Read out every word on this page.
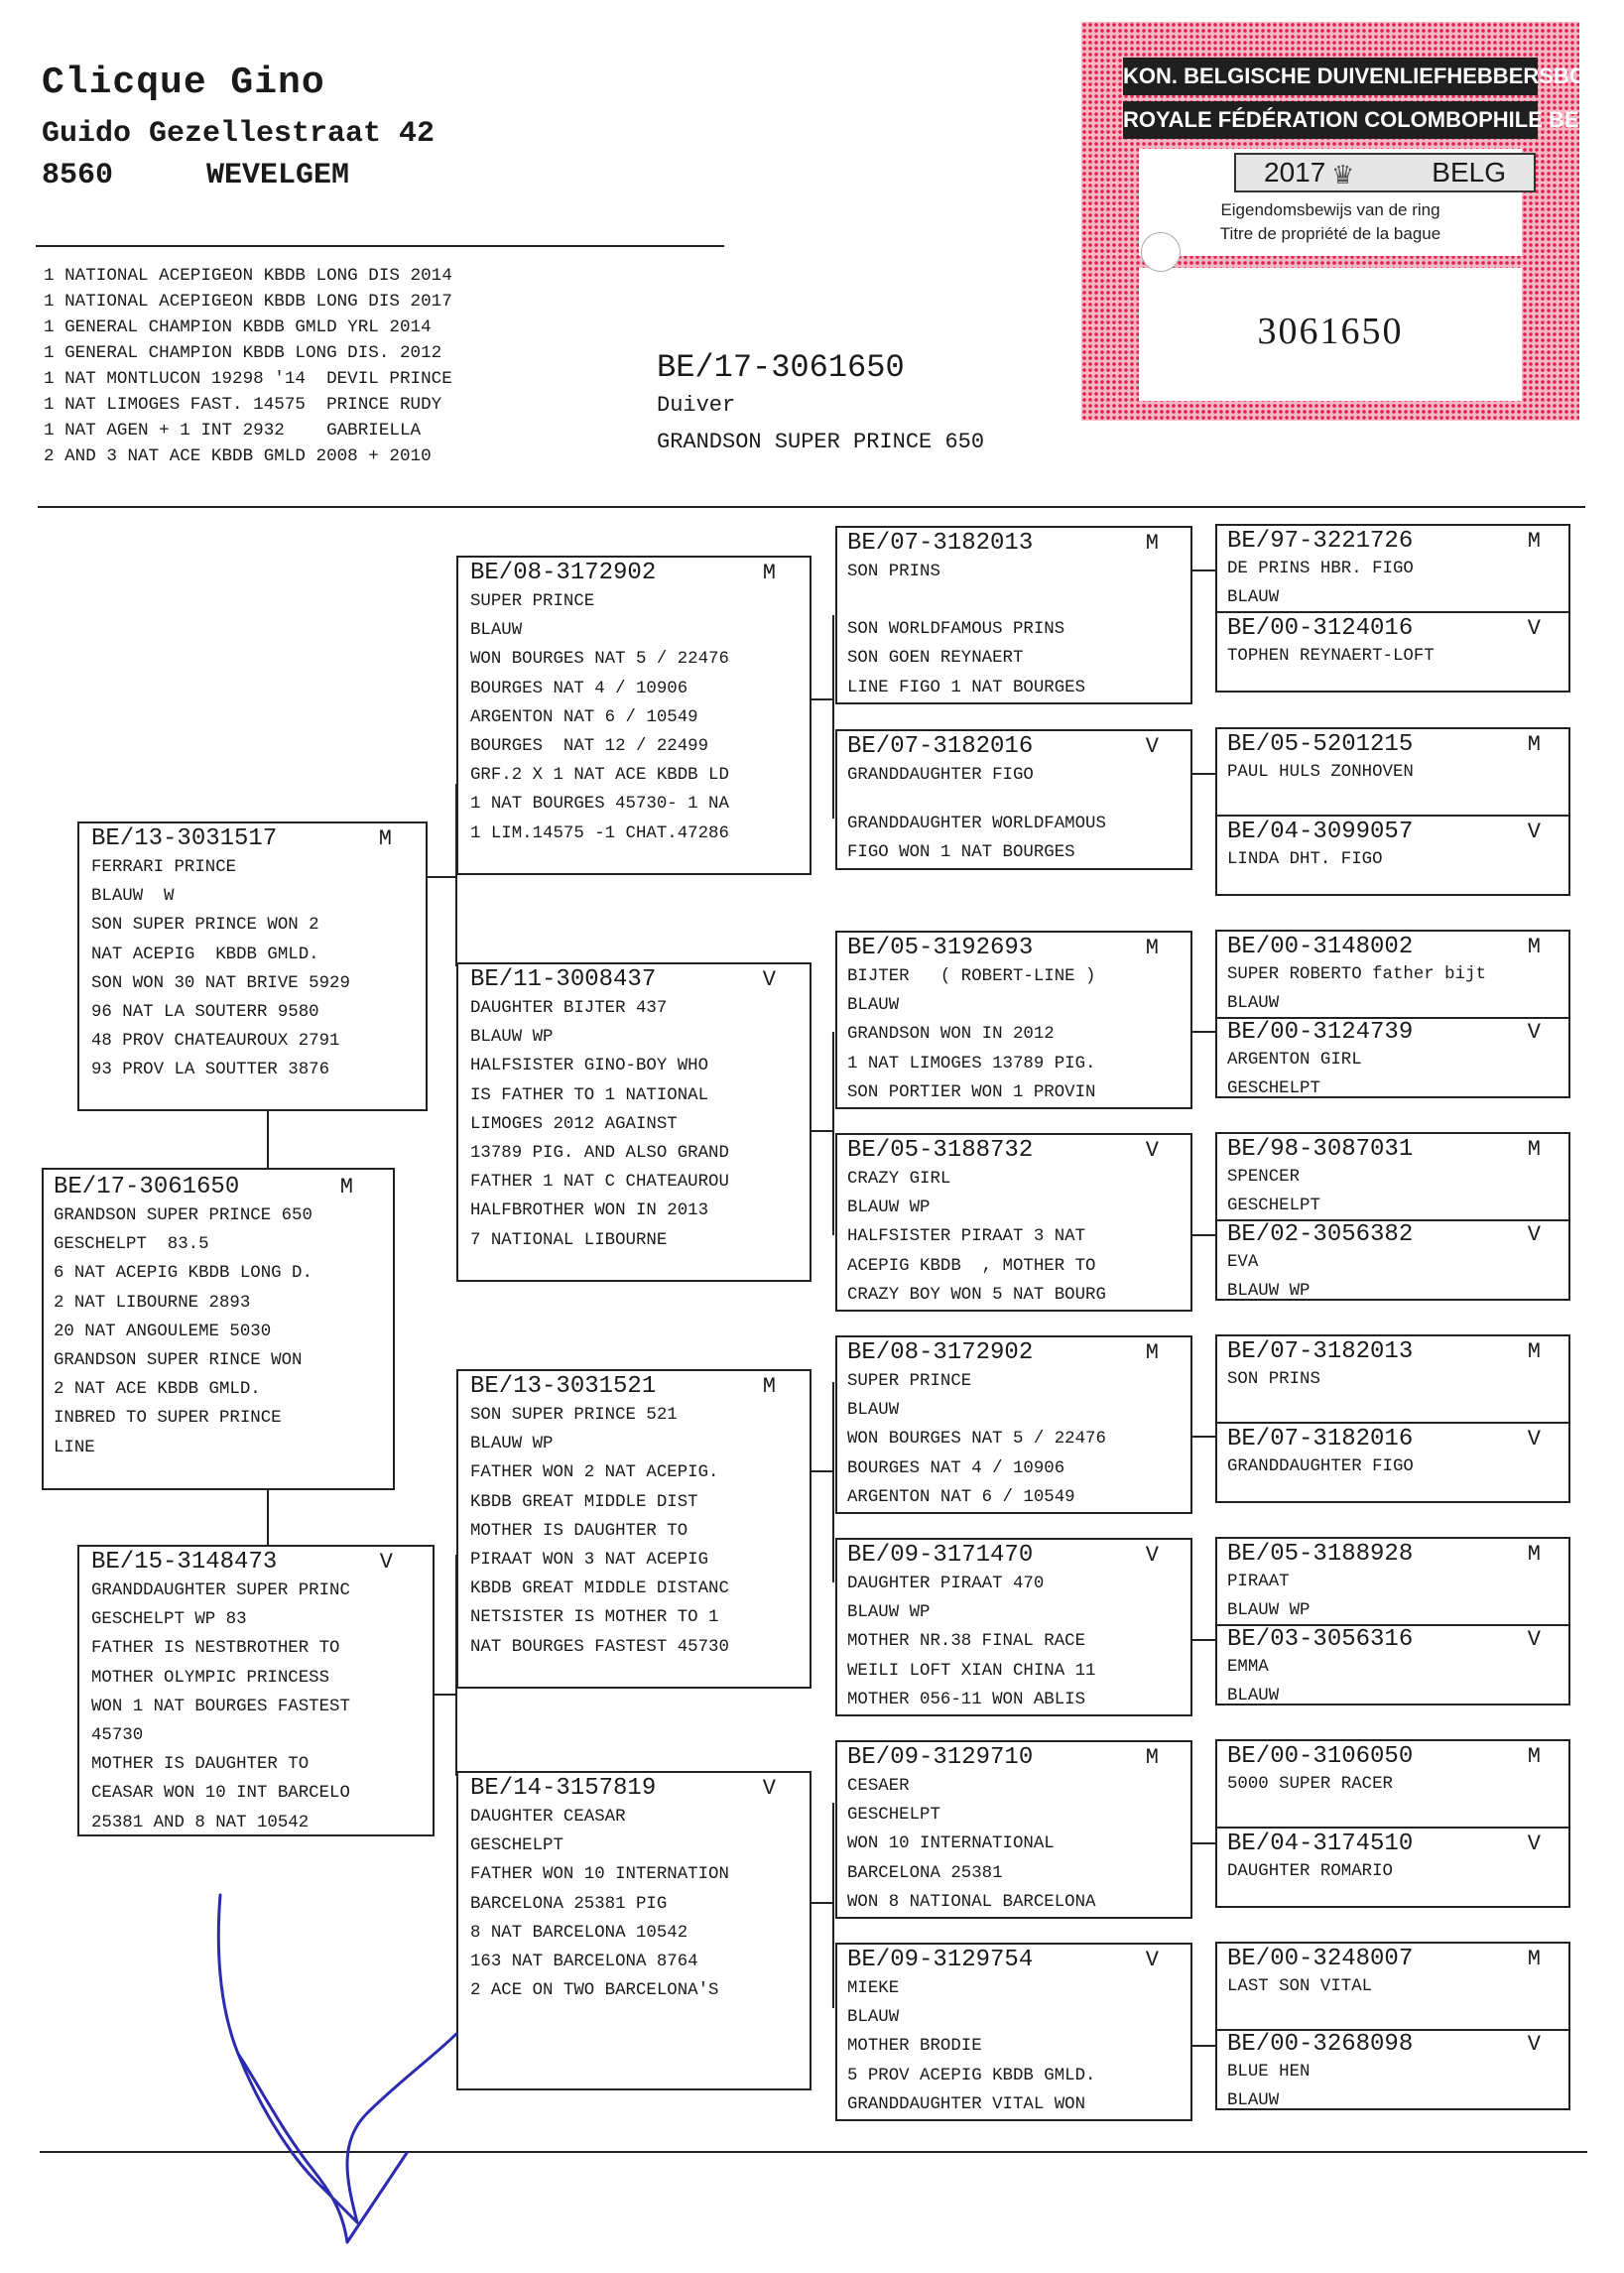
Clicque Gino
Guido Gezellestraat 42
8560	WEVELGEM
1 NATIONAL ACEPIGEON KBDB LONG DIS 2014
1 NATIONAL ACEPIGEON KBDB LONG DIS 2017
1 GENERAL CHAMPION KBDB GMLD YRL 2014
1 GENERAL CHAMPION KBDB LONG DIS. 2012
1 NAT MONTLUCON 19298 '14  DEVIL PRINCE
1 NAT LIMOGES FAST. 14575  PRINCE RUDY
1 NAT AGEN + 1 INT 2932    GABRIELLA
2 AND 3 NAT ACE KBDB GMLD 2008 + 2010
BE/17-3061650
Duiver
GRANDSON SUPER PRINCE 650
KON. BELGISCHE DUIVENLIEFHEBBERSBOND
ROYALE FÉDÉRATION COLOMBOPHILE BELGE
2017 ♛	BELG
Eigendomsbewijs van de ring
Titre de propriété de la bague
3061650
BE/17-3061650	M
GRANDSON SUPER PRINCE 650
GESCHELPT  83.5
6 NAT ACEPIG KBDB LONG D.
2 NAT LIBOURNE 2893
20 NAT ANGOULEME 5030
GRANDSON SUPER RINCE WON
2 NAT ACE KBDB GMLD.
INBRED TO SUPER PRINCE
LINE
BE/13-3031517	M
FERRARI PRINCE
BLAUW  W
SON SUPER PRINCE WON 2
NAT ACEPIG  KBDB GMLD.
SON WON 30 NAT BRIVE 5929
96 NAT LA SOUTERR 9580
48 PROV CHATEAUROUX 2791
93 PROV LA SOUTTER 3876
BE/15-3148473	V
GRANDDAUGHTER SUPER PRINC
GESCHELPT WP 83
FATHER IS NESTBROTHER TO
MOTHER OLYMPIC PRINCESS
WON 1 NAT BOURGES FASTEST
45730
MOTHER IS DAUGHTER TO
CEASAR WON 10 INT BARCELO
25381 AND 8 NAT 10542
BE/08-3172902	M
SUPER PRINCE
BLAUW
WON BOURGES NAT 5 / 22476
BOURGES NAT 4 / 10906
ARGENTON NAT 6 / 10549
BOURGES  NAT 12 / 22499
GRF.2 X 1 NAT ACE KBDB LD
1 NAT BOURGES 45730- 1 NA
1 LIM.14575 -1 CHAT.47286
BE/11-3008437	V
DAUGHTER BIJTER 437
BLAUW WP
HALFSISTER GINO-BOY WHO
IS FATHER TO 1 NATIONAL
LIMOGES 2012 AGAINST
13789 PIG. AND ALSO GRAND
FATHER 1 NAT C CHATEAUROU
HALFBROTHER WON IN 2013
7 NATIONAL LIBOURNE
BE/13-3031521	M
SON SUPER PRINCE 521
BLAUW WP
FATHER WON 2 NAT ACEPIG.
KBDB GREAT MIDDLE DIST
MOTHER IS DAUGHTER TO
PIRAAT WON 3 NAT ACEPIG
KBDB GREAT MIDDLE DISTANC
NETSISTER IS MOTHER TO 1
NAT BOURGES FASTEST 45730
BE/14-3157819	V
DAUGHTER CEASAR
GESCHELPT
FATHER WON 10 INTERNATION
BARCELONA 25381 PIG
8 NAT BARCELONA 10542
163 NAT BARCELONA 8764
2 ACE ON TWO BARCELONA'S
BE/07-3182013	M
SON PRINS
SON WORLDFAMOUS PRINS
SON GOEN REYNAERT
LINE FIGO 1 NAT BOURGES
BE/07-3182016	V
GRANDDAUGHTER FIGO
GRANDDAUGHTER WORLDFAMOUS
FIGO WON 1 NAT BOURGES
BE/05-3192693	M
BIJTER   ( ROBERT-LINE )
BLAUW
GRANDSON WON IN 2012
1 NAT LIMOGES 13789 PIG.
SON PORTIER WON 1 PROVIN
BE/05-3188732	V
CRAZY GIRL
BLAUW WP
HALFSISTER PIRAAT 3 NAT
ACEPIG KBDB  , MOTHER TO
CRAZY BOY WON 5 NAT BOURG
BE/08-3172902	M
SUPER PRINCE
BLAUW
WON BOURGES NAT 5 / 22476
BOURGES NAT 4 / 10906
ARGENTON NAT 6 / 10549
BE/09-3171470	V
DAUGHTER PIRAAT 470
BLAUW WP
MOTHER NR.38 FINAL RACE
WEILI LOFT XIAN CHINA 11
MOTHER 056-11 WON ABLIS
BE/09-3129710	M
CESAER
GESCHELPT
WON 10 INTERNATIONAL
BARCELONA 25381
WON 8 NATIONAL BARCELONA
BE/09-3129754	V
MIEKE
BLAUW
MOTHER BRODIE
5 PROV ACEPIG KBDB GMLD.
GRANDDAUGHTER VITAL WON
BE/97-3221726	M
DE PRINS HBR. FIGO
BLAUW
BE/00-3124016	V
TOPHEN REYNAERT-LOFT
BE/05-5201215	M
PAUL HULS ZONHOVEN
BE/04-3099057	V
LINDA DHT. FIGO
BE/00-3148002	M
SUPER ROBERTO father bijt
BLAUW
BE/00-3124739	V
ARGENTON GIRL
GESCHELPT
BE/98-3087031	M
SPENCER
GESCHELPT
BE/02-3056382	V
EVA
BLAUW WP
BE/07-3182013	M
SON PRINS
BE/07-3182016	V
GRANDDAUGHTER FIGO
BE/05-3188928	M
PIRAAT
BLAUW WP
BE/03-3056316	V
EMMA
BLAUW
BE/00-3106050	M
5000 SUPER RACER
BE/04-3174510	V
DAUGHTER ROMARIO
BE/00-3248007	M
LAST SON VITAL
BE/00-3268098	V
BLUE HEN
BLAUW
